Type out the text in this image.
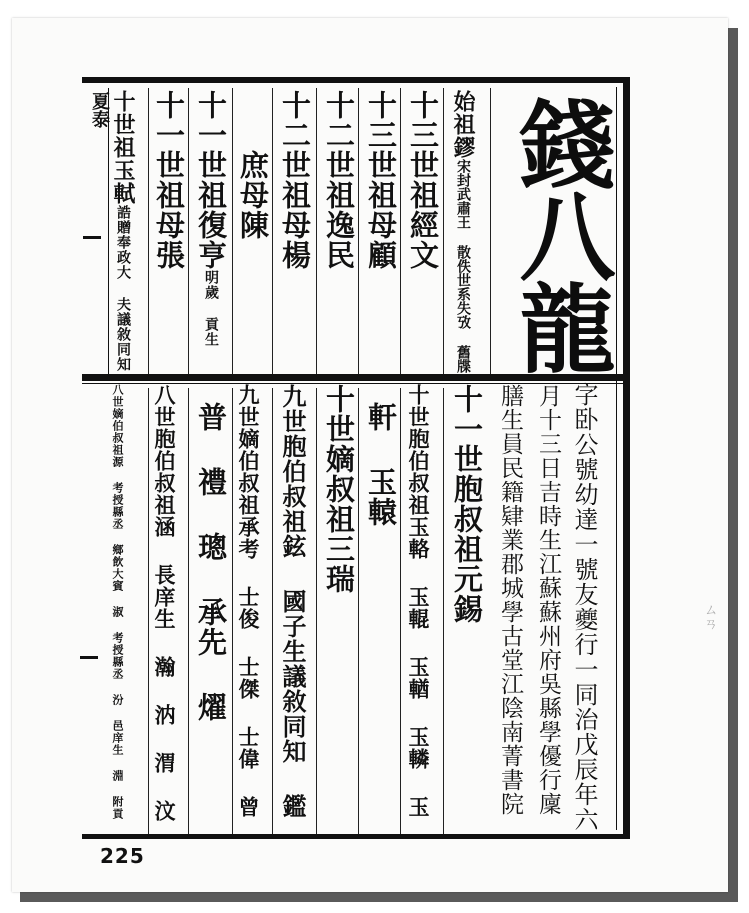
錢八龍
夏泰
225
ㄙㄢ
始祖鏐宋封武肅王 散佚世系失攷 舊牒
十三世祖經文
十三世祖母顧
十二世祖逸民
十二世祖母楊
庶母陳
十一世祖復亨明歲 貢生
十一世祖母張
十世祖玉軾誥贈奉政大 夫議敘同知
字卧公號幼達一號友夔行一同治戊辰年六
月十三日吉時生江蘇蘇州府吳縣學優行廩
膳生員民籍肄業郡城學古堂江陰南菁書院
十一世胞叔祖元錫
十世胞伯叔祖玉輅 玉輥 玉輶 玉轔 玉
軒 玉轅
十世嫡叔祖三瑞
九世胞伯叔祖鉉 國子生議敘同知 鑑
九世嫡伯叔祖承考 士俊 士傑 士偉 曾
普 禮 璁 承先 燿
八世胞伯叔祖涵 長庠生 瀚 汭 渭 汶
八世嫡伯叔祖源 考授縣丞 鄉飲大賓 淑 考授縣丞 汾 邑庠生 淵 附貢
